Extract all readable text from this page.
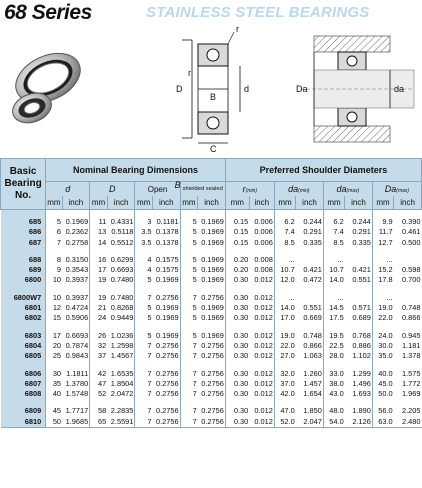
68 Series	STAINLESS STEEL BEARINGS
r
r
D
B
d
C
Da	da
Basic
Bearing
No.	Nominal Bearing Dimensions								Preferred Shoulder Diameters							
	d		D		Open		B shielded sealed		r(min)		da(min)		da(max)		Da(max)	
	mm	inch	mm	inch	mm	inch	mm	inch	mm	inch	mm	inch	mm	inch	mm	inch

685	5	0.1969	11	0.4331	3	0.1181	5	0.1969	0.15	0.006	6.2	0.244	6.2	0.244	9.9	0.390
686	6	0.2362	13	0.5118	3.5	0.1378	5	0.1969	0.15	0.006	7.4	0.291	7.4	0.291	11.7	0.461
687	7	0.2758	14	0.5512	3.5	0.1378	5	0.1969	0.15	0.006	8.5	0.335	8.5	0.335	12.7	0.500

688	8	0.3150	16	0.6299	4	0.1575	5	0.1969	0.20	0.008	...		...		...	
689	9	0.3543	17	0.6693	4	0.1575	5	0.1969	0.20	0.008	10.7	0.421	10.7	0.421	15.2	0.598
6800	10	0.3937	19	0.7480	5	0.1969	5	0.1969	0.30	0.012	12.0	0.472	14.0	0.551	17.8	0.700

6800W7	10	0.3937	19	0.7480	7	0.2756	7	0.2756	0.30	0.012	...		...		...	
6801	12	0.4724	21	0.8268	5	0.1969	5	0.1969	0.30	0.012	14.0	0.551	14.5	0.571	19.0	0.748
6802	15	0.5906	24	0.9449	5	0.1969	5	0.1969	0.30	0.012	17.0	0.669	17.5	0.689	22.0	0.866

6803	17	0.6693	26	1.0236	5	0.1969	5	0.1969	0.30	0.012	19.0	0.748	19.5	0.768	24.0	0.945
6804	20	0.7874	32	1.2598	7	0.2756	7	0.2756	0.30	0.012	22.0	0.866	22.5	0.886	30.0	1.181
6805	25	0.9843	37	1.4567	7	0.2756	7	0.2756	0.30	0.012	27.0	1.063	28.0	1.102	35.0	1.378

6806	30	1.1811	42	1.6535	7	0.2756	7	0.2756	0.30	0.012	32.0	1.260	33.0	1.299	40.0	1.575
6807	35	1.3780	47	1.8504	7	0.2756	7	0.2756	0.30	0.012	37.0	1.457	38.0	1.496	45.0	1.772
6808	40	1.5748	52	2.0472	7	0.2756	7	0.2756	0.30	0.012	42.0	1.654	43.0	1.693	50.0	1.969

6809	45	1.7717	58	2.2835	7	0.2756	7	0.2756	0.30	0.012	47.0	1.850	48.0	1.890	56.0	2.205
6810	50	1.9685	65	2.5591	7	0.2756	7	0.2756	0.30	0.012	52.0	2.047	54.0	2.126	63.0	2.480
